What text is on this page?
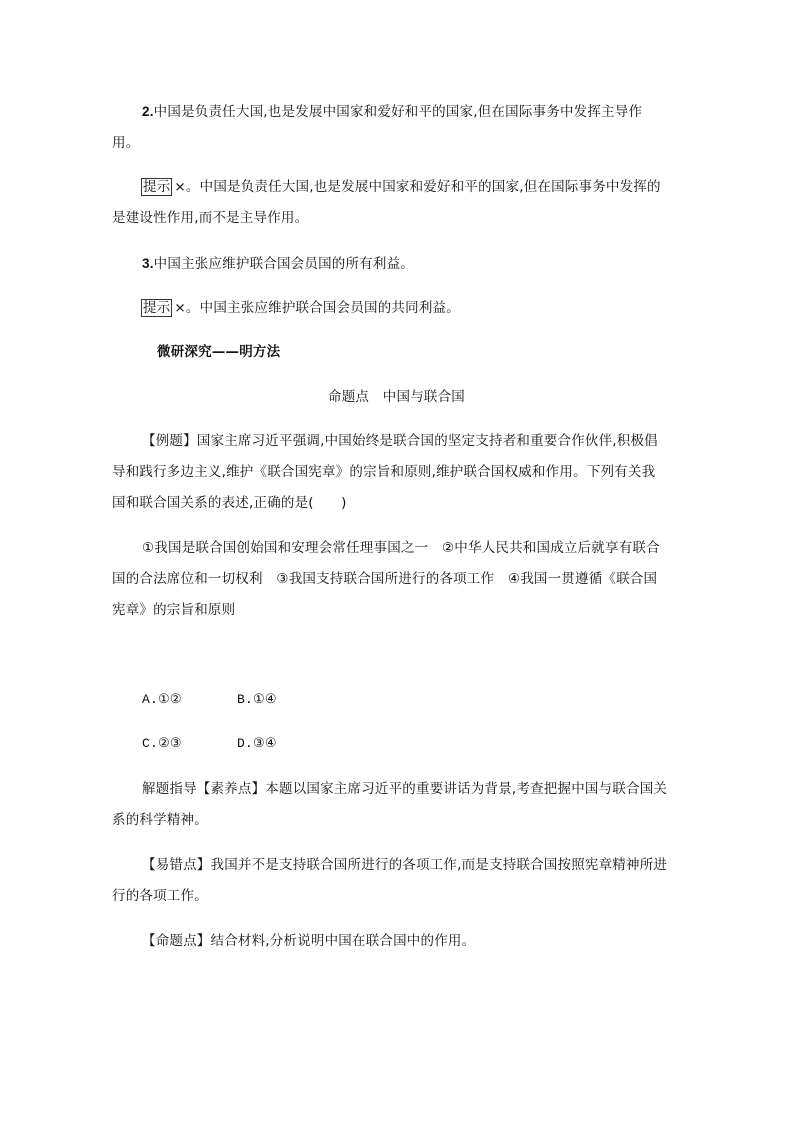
2.中国是负责任大国,也是发展中国家和爱好和平的国家,但在国际事务中发挥主导作
用。
提示 ×。中国是负责任大国,也是发展中国家和爱好和平的国家,但在国际事务中发挥的
是建设性作用,而不是主导作用。
3.中国主张应维护联合国会员国的所有利益。
提示 ×。中国主张应维护联合国会员国的共同利益。
微研深究——明方法
命题点　中国与联合国
【例题】国家主席习近平强调,中国始终是联合国的坚定支持者和重要合作伙伴,积极倡
导和践行多边主义,维护《联合国宪章》的宗旨和原则,维护联合国权威和作用。下列有关我
国和联合国关系的表述,正确的是(　　)
①我国是联合国创始国和安理会常任理事国之一　②中华人民共和国成立后就享有联合
国的合法席位和一切权利　③我国支持联合国所进行的各项工作　④我国一贯遵循《联合国
宪章》的宗旨和原则
A.①②	B.①④
C.②③	D.③④
解题指导【素养点】本题以国家主席习近平的重要讲话为背景,考查把握中国与联合国关
系的科学精神。
【易错点】我国并不是支持联合国所进行的各项工作,而是支持联合国按照宪章精神所进
行的各项工作。
【命题点】结合材料,分析说明中国在联合国中的作用。
